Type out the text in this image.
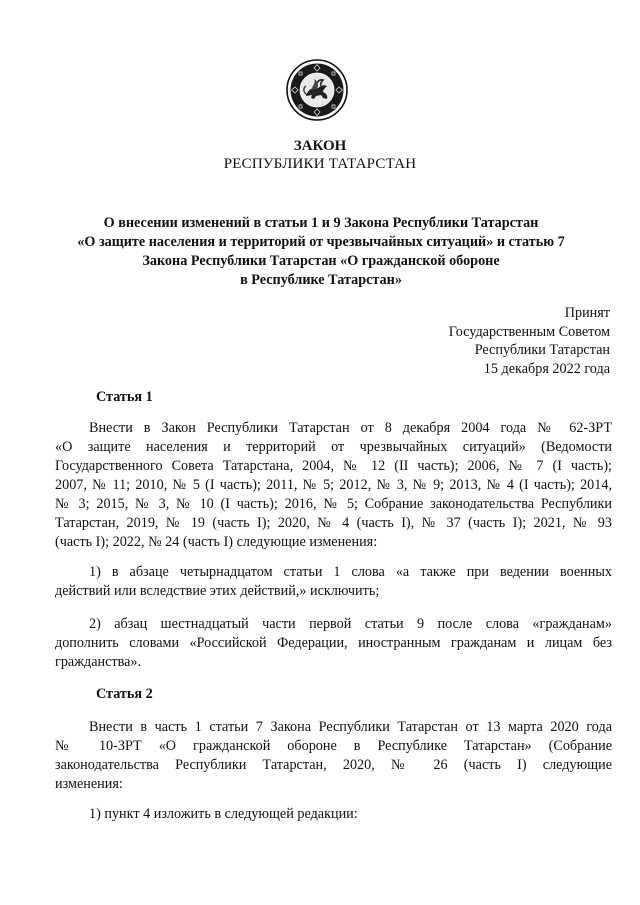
ЗАКОН
РЕСПУБЛИКИ ТАТАРСТАН
О внесении изменений в статьи 1 и 9 Закона Республики Татарстан
«О защите населения и территорий от чрезвычайных ситуаций» и статью 7
Закона Республики Татарстан «О гражданской обороне
в Республике Татарстан»
Принят
Государственным Советом
Республики Татарстан
15 декабря 2022 года
Статья 1
Внести в Закон Республики Татарстан от 8 декабря 2004 года № 62-ЗРТ
«О защите населения и территорий от чрезвычайных ситуаций» (Ведомости
Государственного Совета Татарстана, 2004, № 12 (II часть); 2006, № 7 (I часть);
2007, № 11; 2010, № 5 (I часть); 2011, № 5; 2012, № 3, № 9; 2013, № 4 (I часть); 2014,
№ 3; 2015, № 3, № 10 (I часть); 2016, № 5; Собрание законодательства Республики
Татарстан, 2019, № 19 (часть I); 2020, № 4 (часть I), № 37 (часть I); 2021, № 93
(часть I); 2022, № 24 (часть I) следующие изменения:
1) в абзаце четырнадцатом статьи 1 слова «а также при ведении военных
действий или вследствие этих действий,» исключить;
2) абзац шестнадцатый части первой статьи 9 после слова «гражданам»
дополнить словами «Российской Федерации, иностранным гражданам и лицам без
гражданства».
Статья 2
Внести в часть 1 статьи 7 Закона Республики Татарстан от 13 марта 2020 года
№ 10-ЗРТ «О гражданской обороне в Республике Татарстан» (Собрание
законодательства Республики Татарстан, 2020, № 26 (часть I) следующие
изменения:
1) пункт 4 изложить в следующей редакции:
